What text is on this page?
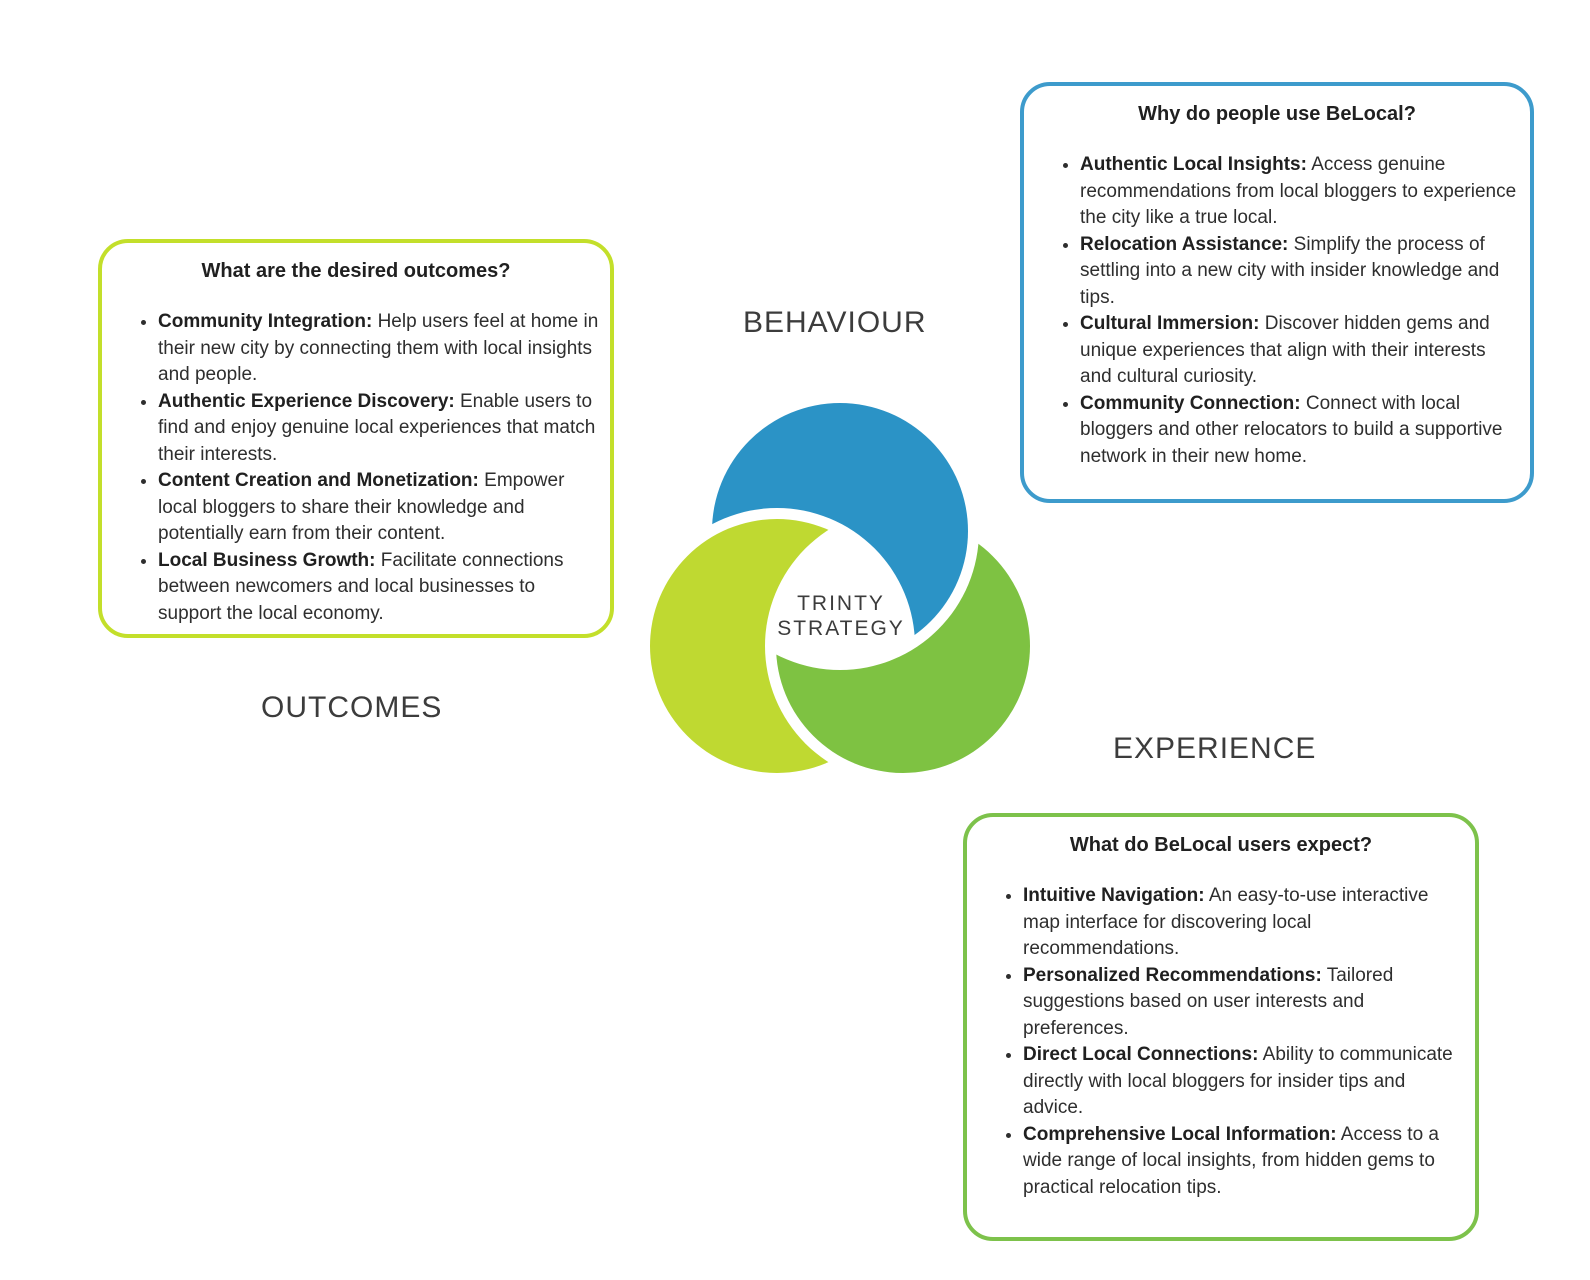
What are the desired outcomes?
• Community Integration: Help users feel at home in their new city by connecting them with local insights and people.
• Authentic Experience Discovery: Enable users to find and enjoy genuine local experiences that match their interests.
• Content Creation and Monetization: Empower local bloggers to share their knowledge and potentially earn from their content.
• Local Business Growth: Facilitate connections between newcomers and local businesses to support the local economy.
Why do people use BeLocal?
• Authentic Local Insights: Access genuine recommendations from local bloggers to experience the city like a true local.
• Relocation Assistance: Simplify the process of settling into a new city with insider knowledge and tips.
• Cultural Immersion: Discover hidden gems and unique experiences that align with their interests and cultural curiosity.
• Community Connection: Connect with local bloggers and other relocators to build a supportive network in their new home.
What do BeLocal users expect?
• Intuitive Navigation: An easy-to-use interactive map interface for discovering local recommendations.
• Personalized Recommendations: Tailored suggestions based on user interests and preferences.
• Direct Local Connections: Ability to communicate directly with local bloggers for insider tips and advice.
• Comprehensive Local Information: Access to a wide range of local insights, from hidden gems to practical relocation tips.
BEHAVIOUR
OUTCOMES
EXPERIENCE
TRINTY
STRATEGY
